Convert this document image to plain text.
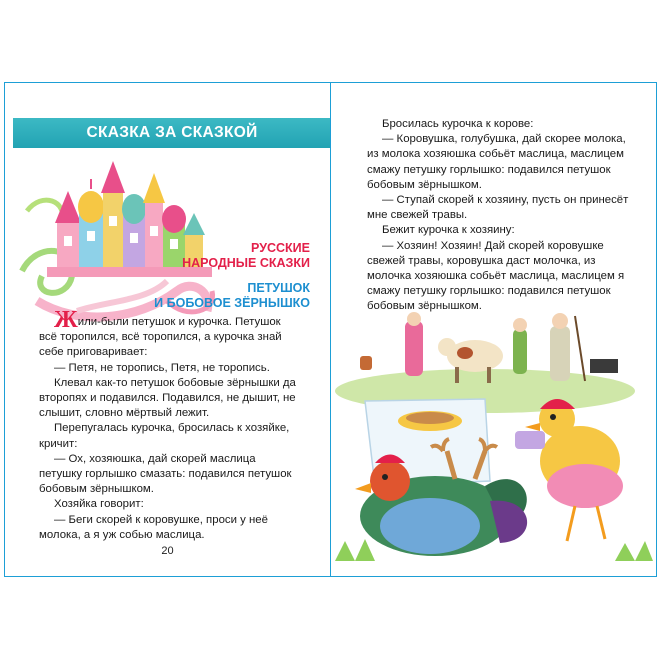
СКАЗКА ЗА СКАЗКОЙ
РУССКИЕ
НАРОДНЫЕ СКАЗКИ
ПЕТУШОК
И БОБОВОЕ ЗЁРНЫШКО

Жили-были петушок и курочка. Петушок всё торопился, всё торопился, а курочка знай себе приговаривает:

— Петя, не торопись, Петя, не торопись.

Клевал как-то петушок бобовые зёрнышки да второпях и подавился. Подавился, не дышит, не слышит, словно мёртвый лежит.

Перепугалась курочка, бросилась к хозяйке, кричит:

— Ох, хозяюшка, дай скорей маслица петушку горлышко смазать: подавился петушок бобовым зёрнышком.

Хозяйка говорит:

— Беги скорей к коровушке, проси у неё молока, а я уж собью маслица.

20

Бросилась курочка к корове:

— Коровушка, голубушка, дай скорее молока, из молока хозяюшка собьёт маслица, маслицем смажу петушку горлышко: подавился петушок бобовым зёрнышком.

— Ступай скорей к хозяину, пусть он принесёт мне свежей травы.

Бежит курочка к хозяину:

— Хозяин! Хозяин! Дай скорей коровушке свежей травы, коровушка даст молочка, из молочка хозяюшка собьёт маслица, маслицем я смажу петушку горлышко: подавился петушок бобовым зёрнышком.
